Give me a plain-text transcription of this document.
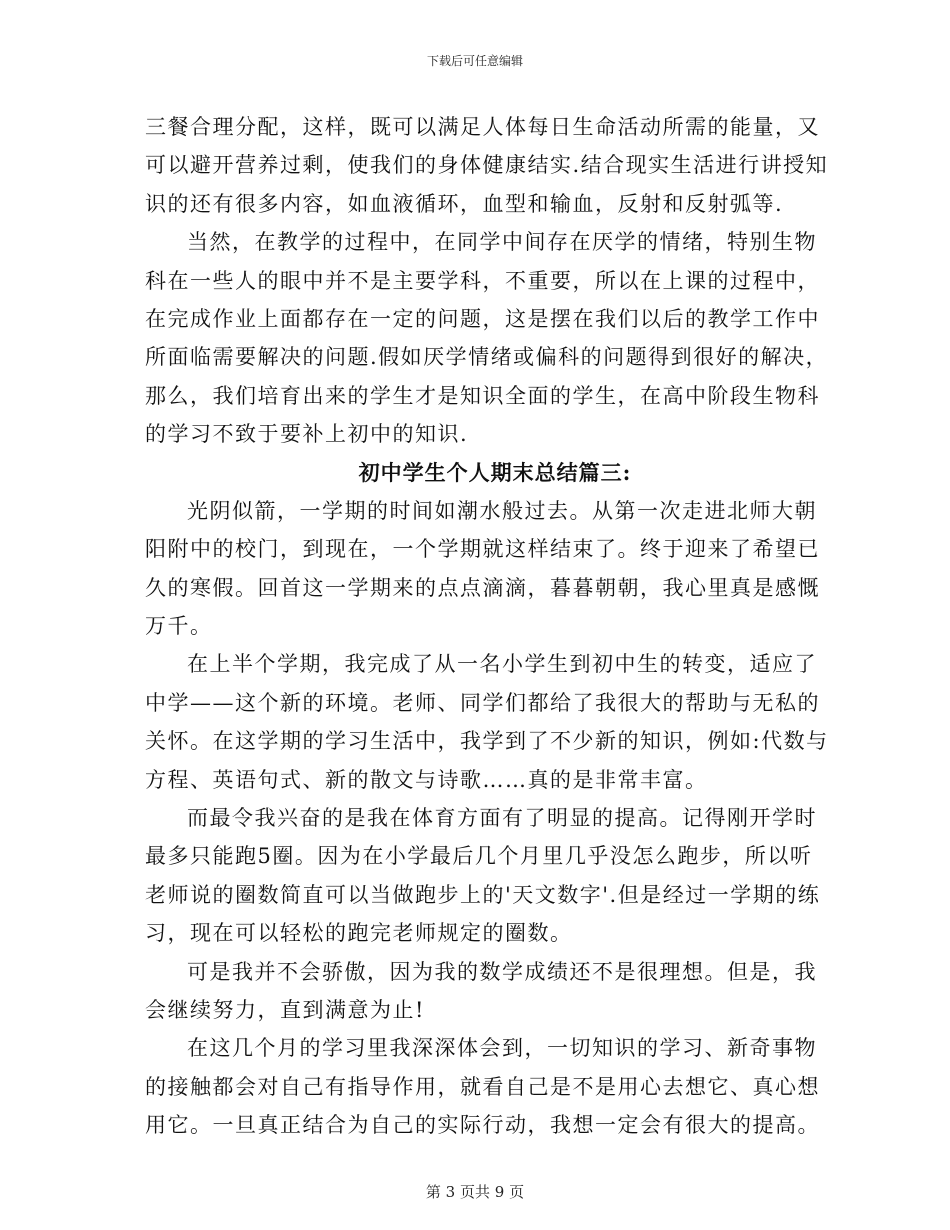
下载后可任意编辑
三餐合理分配，这样，既可以满足人体每日生命活动所需的能量，又
可以避开营养过剩，使我们的身体健康结实.结合现实生活进行讲授知
识的还有很多内容，如血液循环，血型和输血，反射和反射弧等.
当然，在教学的过程中，在同学中间存在厌学的情绪，特别生物
科在一些人的眼中并不是主要学科，不重要，所以在上课的过程中，
在完成作业上面都存在一定的问题，这是摆在我们以后的教学工作中
所面临需要解决的问题.假如厌学情绪或偏科的问题得到很好的解决，
那么，我们培育出来的学生才是知识全面的学生，在高中阶段生物科
的学习不致于要补上初中的知识.
初中学生个人期末总结篇三:
光阴似箭，一学期的时间如潮水般过去。从第一次走进北师大朝
阳附中的校门，到现在，一个学期就这样结束了。终于迎来了希望已
久的寒假。回首这一学期来的点点滴滴，暮暮朝朝，我心里真是感慨
万千。
在上半个学期，我完成了从一名小学生到初中生的转变，适应了
中学——这个新的环境。老师、同学们都给了我很大的帮助与无私的
关怀。在这学期的学习生活中，我学到了不少新的知识，例如:代数与
方程、英语句式、新的散文与诗歌……真的是非常丰富。
而最令我兴奋的是我在体育方面有了明显的提高。记得刚开学时
最多只能跑5圈。因为在小学最后几个月里几乎没怎么跑步，所以听
老师说的圈数简直可以当做跑步上的'天文数字'.但是经过一学期的练
习，现在可以轻松的跑完老师规定的圈数。
可是我并不会骄傲，因为我的数学成绩还不是很理想。但是，我
会继续努力，直到满意为止!
在这几个月的学习里我深深体会到，一切知识的学习、新奇事物
的接触都会对自己有指导作用，就看自己是不是用心去想它、真心想
用它。一旦真正结合为自己的实际行动，我想一定会有很大的提高。
第 3 页共 9 页
